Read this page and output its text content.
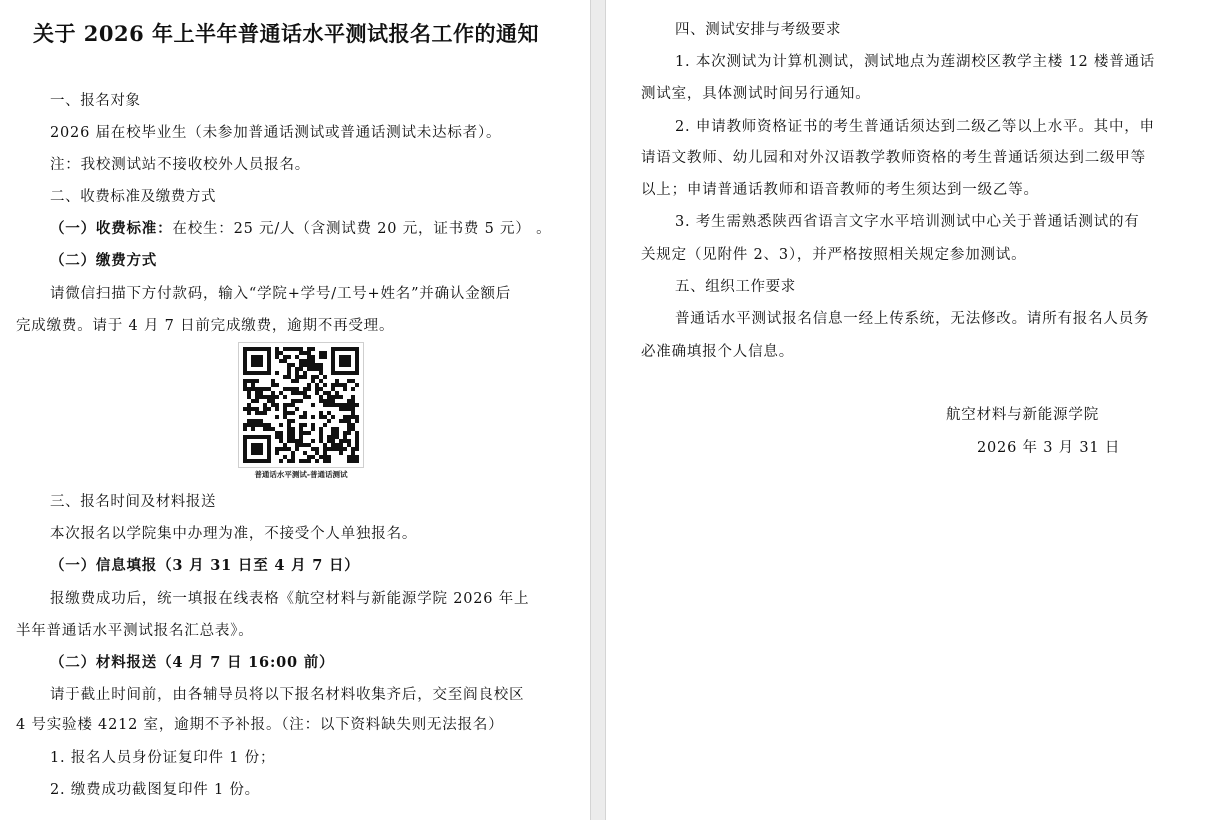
关于 2026 年上半年普通话水平测试报名工作的通知
一、报名对象
2026 届在校毕业生（未参加普通话测试或普通话测试未达标者）。
注：我校测试站不接收校外人员报名。
二、收费标准及缴费方式
（一）收费标准：在校生：25 元/人（含测试费 20 元，证书费 5 元） 。
（二）缴费方式
请微信扫描下方付款码，输入“学院+学号/工号+姓名”并确认金额后
完成缴费。请于 4 月 7 日前完成缴费，逾期不再受理。
普通话水平测试-普通话测试
三、报名时间及材料报送
本次报名以学院集中办理为准，不接受个人单独报名。
（一）信息填报（3 月 31 日至 4 月 7 日）
报缴费成功后，统一填报在线表格《航空材料与新能源学院 2026 年上
半年普通话水平测试报名汇总表》。
（二）材料报送（4 月 7 日 16:00 前）
请于截止时间前，由各辅导员将以下报名材料收集齐后，交至阎良校区
4 号实验楼 4212 室，逾期不予补报。（注：以下资料缺失则无法报名）
1. 报名人员身份证复印件 1 份；
2. 缴费成功截图复印件 1 份。
四、测试安排与考级要求
1. 本次测试为计算机测试，测试地点为莲湖校区教学主楼 12 楼普通话
测试室，具体测试时间另行通知。
2. 申请教师资格证书的考生普通话须达到二级乙等以上水平。其中，申
请语文教师、幼儿园和对外汉语教学教师资格的考生普通话须达到二级甲等
以上；申请普通话教师和语音教师的考生须达到一级乙等。
3. 考生需熟悉陕西省语言文字水平培训测试中心关于普通话测试的有
关规定（见附件 2、3），并严格按照相关规定参加测试。
五、组织工作要求
普通话水平测试报名信息一经上传系统，无法修改。请所有报名人员务
必准确填报个人信息。
航空材料与新能源学院
2026 年 3 月 31 日
